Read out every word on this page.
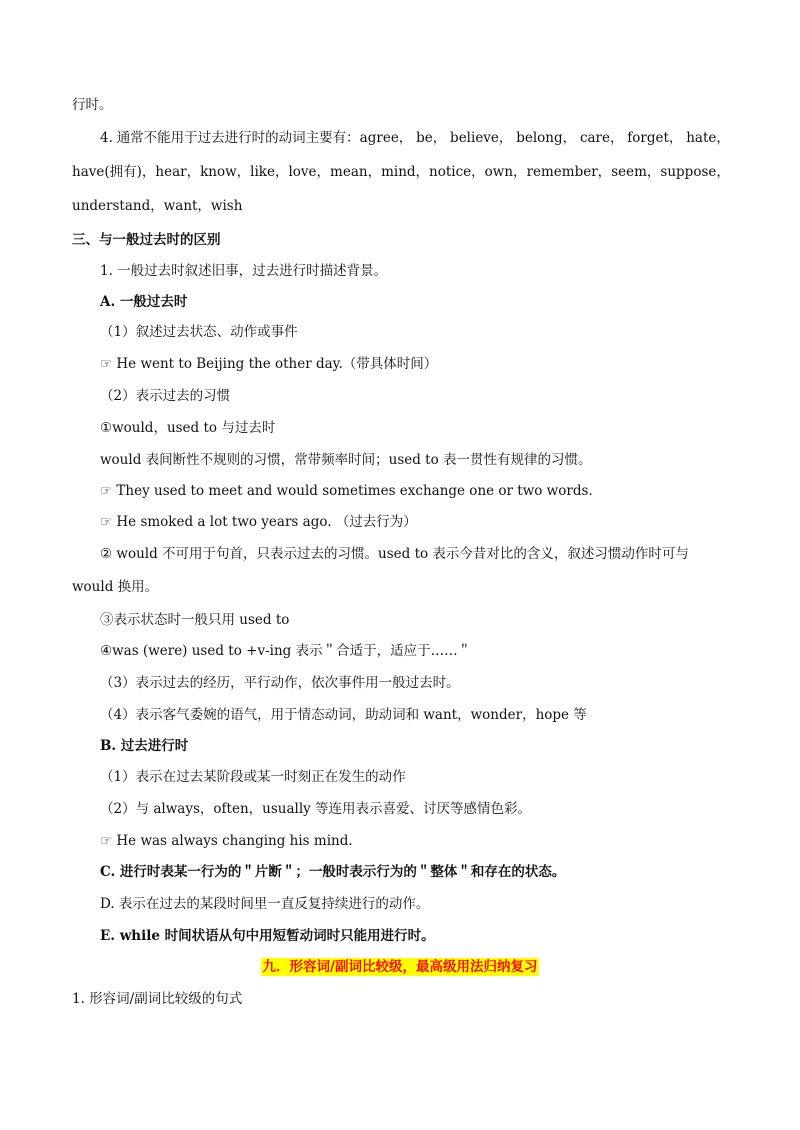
行时。
4. 通常不能用于过去进行时的动词主要有：agree， be， believe， belong， care， forget， hate，
have(拥有)， hear， know， like， love， mean， mind， notice， own， remember， seem， suppose，
understand，want，wish
三、与一般过去时的区别
1. 一般过去时叙述旧事，过去进行时描述背景。
A. 一般过去时
（1）叙述过去状态、动作或事件
☞ He went to Beijing the other day.（带具体时间）
（2）表示过去的习惯
①would，used to 与过去时
would 表间断性不规则的习惯，常带频率时间；used to 表一贯性有规律的习惯。
☞ They used to meet and would sometimes exchange one or two words.
☞ He smoked a lot two years ago. （过去行为）
② would 不可用于句首，只表示过去的习惯。used to 表示今昔对比的含义，叙述习惯动作时可与
would 换用。
③表示状态时一般只用 used to
④was (were) used to +v-ing 表示＂合适于，适应于……＂
（3）表示过去的经历，平行动作，依次事件用一般过去时。
（4）表示客气委婉的语气，用于情态动词，助动词和 want，wonder，hope 等
B. 过去进行时
（1）表示在过去某阶段或某一时刻正在发生的动作
（2）与 always，often，usually 等连用表示喜爱、讨厌等感情色彩。
☞ He was always changing his mind.
C. 进行时表某一行为的＂片断＂；一般时表示行为的＂整体＂和存在的状态。
D. 表示在过去的某段时间里一直反复持续进行的动作。
E. while 时间状语从句中用短暂动词时只能用进行时。
九．形容词/副词比较级，最高级用法归纳复习
1. 形容词/副词比较级的句式
